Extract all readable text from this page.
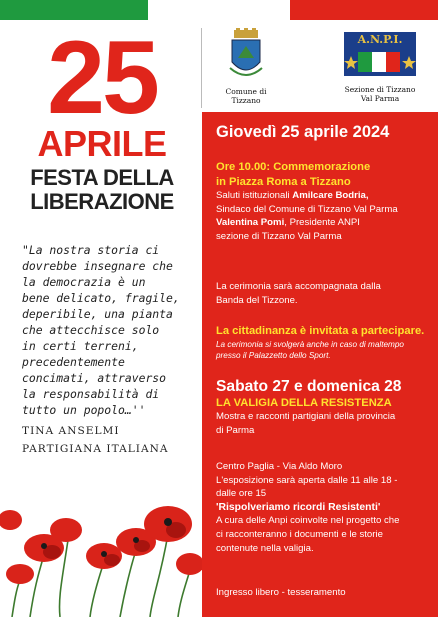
25
APRILE
FESTA DELLA
LIBERAZIONE
"La nostra storia ci
dovrebbe insegnare che
la democrazia è un
bene delicato, fragile,
deperibile, una pianta
che attecchisce solo
in certi terreni,
precedentemente
concimati, attraverso
la responsabilità di
tutto un popolo…''
TINA ANSELMI
PARTIGIANA ITALIANA
Comune di
Tizzano
A.N.P.I.
Sezione di Tizzano
Val Parma
Giovedì 25 aprile 2024
Ore 10.00: Commemorazione
in Piazza Roma a Tizzano
Saluti istituzionali Amilcare Bodria,
Sindaco del Comune di Tizzano Val Parma
Valentina Pomi, Presidente ANPI
sezione di Tizzano Val Parma
La cerimonia sarà accompagnata dalla
Banda del Tizzone.
La cittadinanza è invitata a partecipare.
La cerimonia si svolgerà anche in caso di maltempo
presso il Palazzetto dello Sport.
Sabato 27 e domenica 28
LA VALIGIA DELLA RESISTENZA
Mostra e racconti partigiani della provincia
di Parma
Centro Paglia - Via Aldo Moro
L'esposizione sarà aperta dalle 11 alle 18 -
dalle ore 15
'Rispolveriamo ricordi Resistenti'
A cura delle Anpi coinvolte nel progetto che
ci racconteranno i documenti e le storie
contenute nella valigia.
Ingresso libero - tesseramento
